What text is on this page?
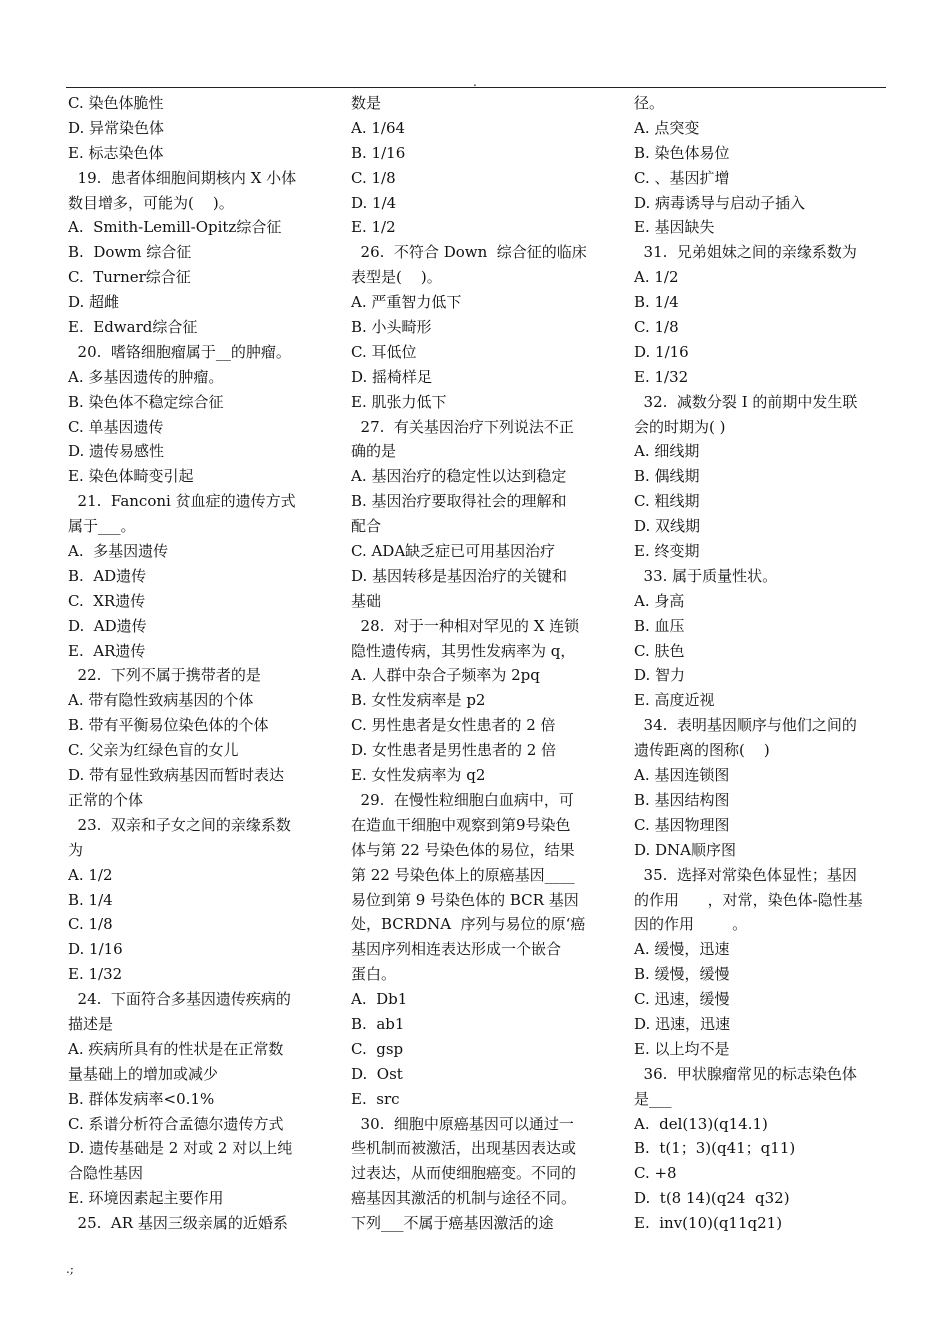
.
C. 染色体脆性
D. 异常染色体
E. 标志染色体
19.  患者体细胞间期核内 X 小体
数目增多，可能为(    )。
A.  Smith-Lemill-Opitz综合征
B.  Dowm 综合征
C.  Turner综合征
D. 超雌
E.  Edward综合征
20.  嗜铬细胞瘤属于__的肿瘤。
A. 多基因遗传的肿瘤。
B. 染色体不稳定综合征
C. 单基因遗传
D. 遗传易感性
E. 染色体畸变引起
21.  Fanconi 贫血症的遗传方式
属于___。
A.  多基因遗传
B.  AD遗传
C.  XR遗传
D.  AD遗传
E.  AR遗传
22.  下列不属于携带者的是
A. 带有隐性致病基因的个体
B. 带有平衡易位染色体的个体
C. 父亲为红绿色盲的女儿
D. 带有显性致病基因而暂时表达
正常的个体
23.  双亲和子女之间的亲缘系数
为
A. 1/2
B. 1/4
C. 1/8
D. 1/16
E. 1/32
24.  下面符合多基因遗传疾病的
描述是
A. 疾病所具有的性状是在正常数
量基础上的增加或减少
B. 群体发病率<0.1%
C. 系谱分析符合孟德尔遗传方式
D. 遗传基础是 2 对或 2 对以上纯
合隐性基因
E. 环境因素起主要作用
25.  AR 基因三级亲属的近婚系
数是
A. 1/64
B. 1/16
C. 1/8
D. 1/4
E. 1/2
26.  不符合 Down  综合征的临床
表型是(    )。
A. 严重智力低下
B. 小头畸形
C. 耳低位
D. 摇椅样足
E. 肌张力低下
27.  有关基因治疗下列说法不正
确的是
A. 基因治疗的稳定性以达到稳定
B. 基因治疗要取得社会的理解和
配合
C. ADA缺乏症已可用基因治疗
D. 基因转移是基因治疗的关键和
基础
28.  对于一种相对罕见的 X 连锁
隐性遗传病，其男性发病率为 q，
A. 人群中杂合子频率为 2pq
B. 女性发病率是 p2
C. 男性患者是女性患者的 2 倍
D. 女性患者是男性患者的 2 倍
E. 女性发病率为 q2
29.  在慢性粒细胞白血病中，可
在造血干细胞中观察到第9号染色
体与第 22 号染色体的易位，结果
第 22 号染色体上的原癌基因____
易位到第 9 号染色体的 BCR 基因
处，BCRDNA  序列与易位的原‘癌
基因序列相连表达形成一个嵌合
蛋白。
A.  Db1
B.  ab1
C.  gsp
D.  Ost
E.  src
30.  细胞中原癌基因可以通过一
些机制而被激活，出现基因表达或
过表达，从而使细胞癌变。不同的
癌基因其激活的机制与途径不同。
下列___不属于癌基因激活的途
径。
A. 点突变
B. 染色体易位
C. 、基因扩增
D. 病毒诱导与启动子插入
E. 基因缺失
31.  兄弟姐妹之间的亲缘系数为
A. 1/2
B. 1/4
C. 1/8
D. 1/16
E. 1/32
32.  减数分裂 I 的前期中发生联
会的时期为( )
A. 细线期
B. 偶线期
C. 粗线期
D. 双线期
E. 终变期
33. 属于质量性状。
A. 身高
B. 血压
C. 肤色
D. 智力
E. 高度近视
34.  表明基因顺序与他们之间的
遗传距离的图称(    )
A. 基因连锁图
B. 基因结构图
C. 基因物理图
D. DNA顺序图
35.  选择对常染色体显性；基因
的作用      ，对常，染色体-隐性基
因的作用        。
A. 缓慢，迅速
B. 缓慢，缓慢
C. 迅速，缓慢
D. 迅速，迅速
E. 以上均不是
36.  甲状腺瘤常见的标志染色体
是___
A.  del(13)(q14.1)
B.  t(1；3)(q41；q11)
C. +8
D.  t(8 14)(q24  q32)
E.  inv(10)(q11q21)
.;
